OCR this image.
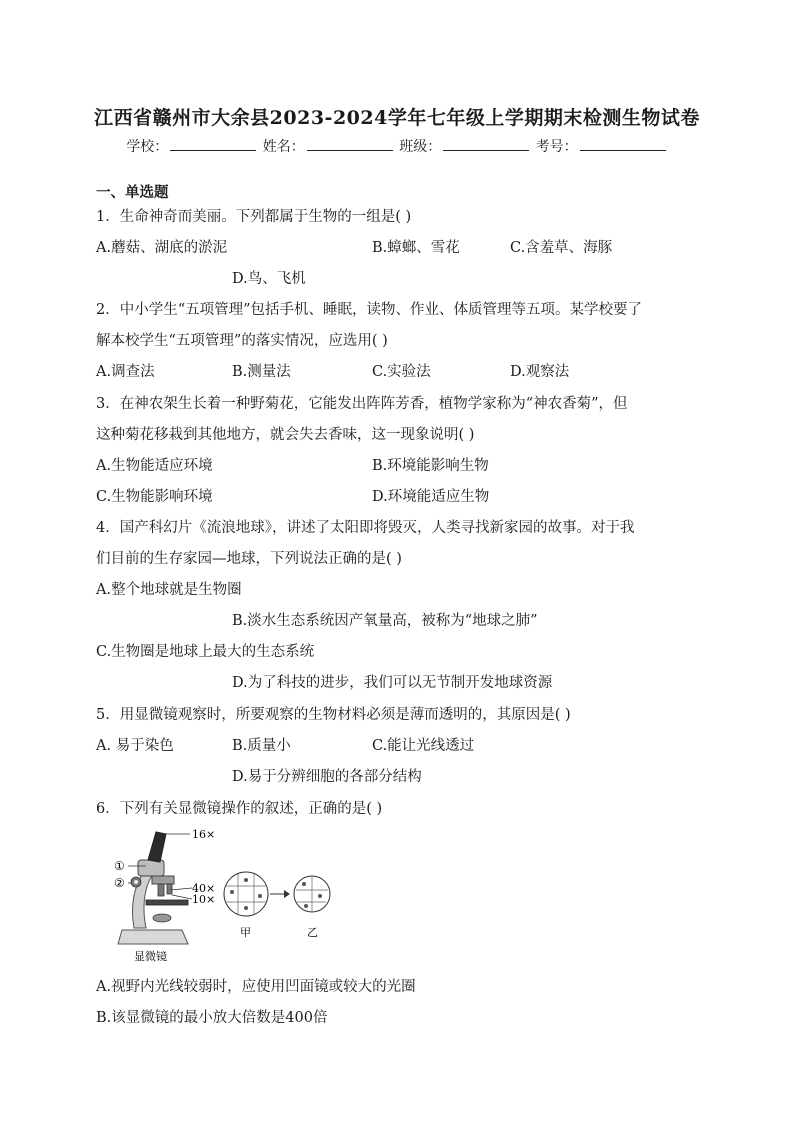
江西省赣州市大余县2023-2024学年七年级上学期期末检测生物试卷
学校：	姓名：	班级：	考号：
一、单选题
1．生命神奇而美丽。下列都属于生物的一组是( )
A.蘑菇、湖底的淤泥	B.蟑螂、雪花	C.含羞草、海豚
D.鸟、飞机
2．中小学生“五项管理”包括手机、睡眠，读物、作业、体质管理等五项。某学校要了
解本校学生“五项管理”的落实情况，应选用( )
A.调查法	B.测量法	C.实验法	D.观察法
3．在神农架生长着一种野菊花，它能发出阵阵芳香，植物学家称为“神农香菊”，但
这种菊花移栽到其他地方，就会失去香味，这一现象说明( )
A.生物能适应环境	B.环境能影响生物
C.生物能影响环境	D.环境能适应生物
4．国产科幻片《流浪地球》，讲述了太阳即将毁灭，人类寻找新家园的故事。对于我
们目前的生存家园—地球，下列说法正确的是( )
A.整个地球就是生物圈
B.淡水生态系统因产氧量高，被称为“地球之肺”
C.生物圈是地球上最大的生态系统
D.为了科技的进步，我们可以无节制开发地球资源
5．用显微镜观察时，所要观察的生物材料必须是薄而透明的，其原因是( )
A. 易于染色	B.质量小	C.能让光线透过
D.易于分辨细胞的各部分结构
6．下列有关显微镜操作的叙述，正确的是( )
16×
①
②	40×
10×
显微镜
甲	乙
A.视野内光线较弱时，应使用凹面镜或较大的光圈
B.该显微镜的最小放大倍数是400倍
